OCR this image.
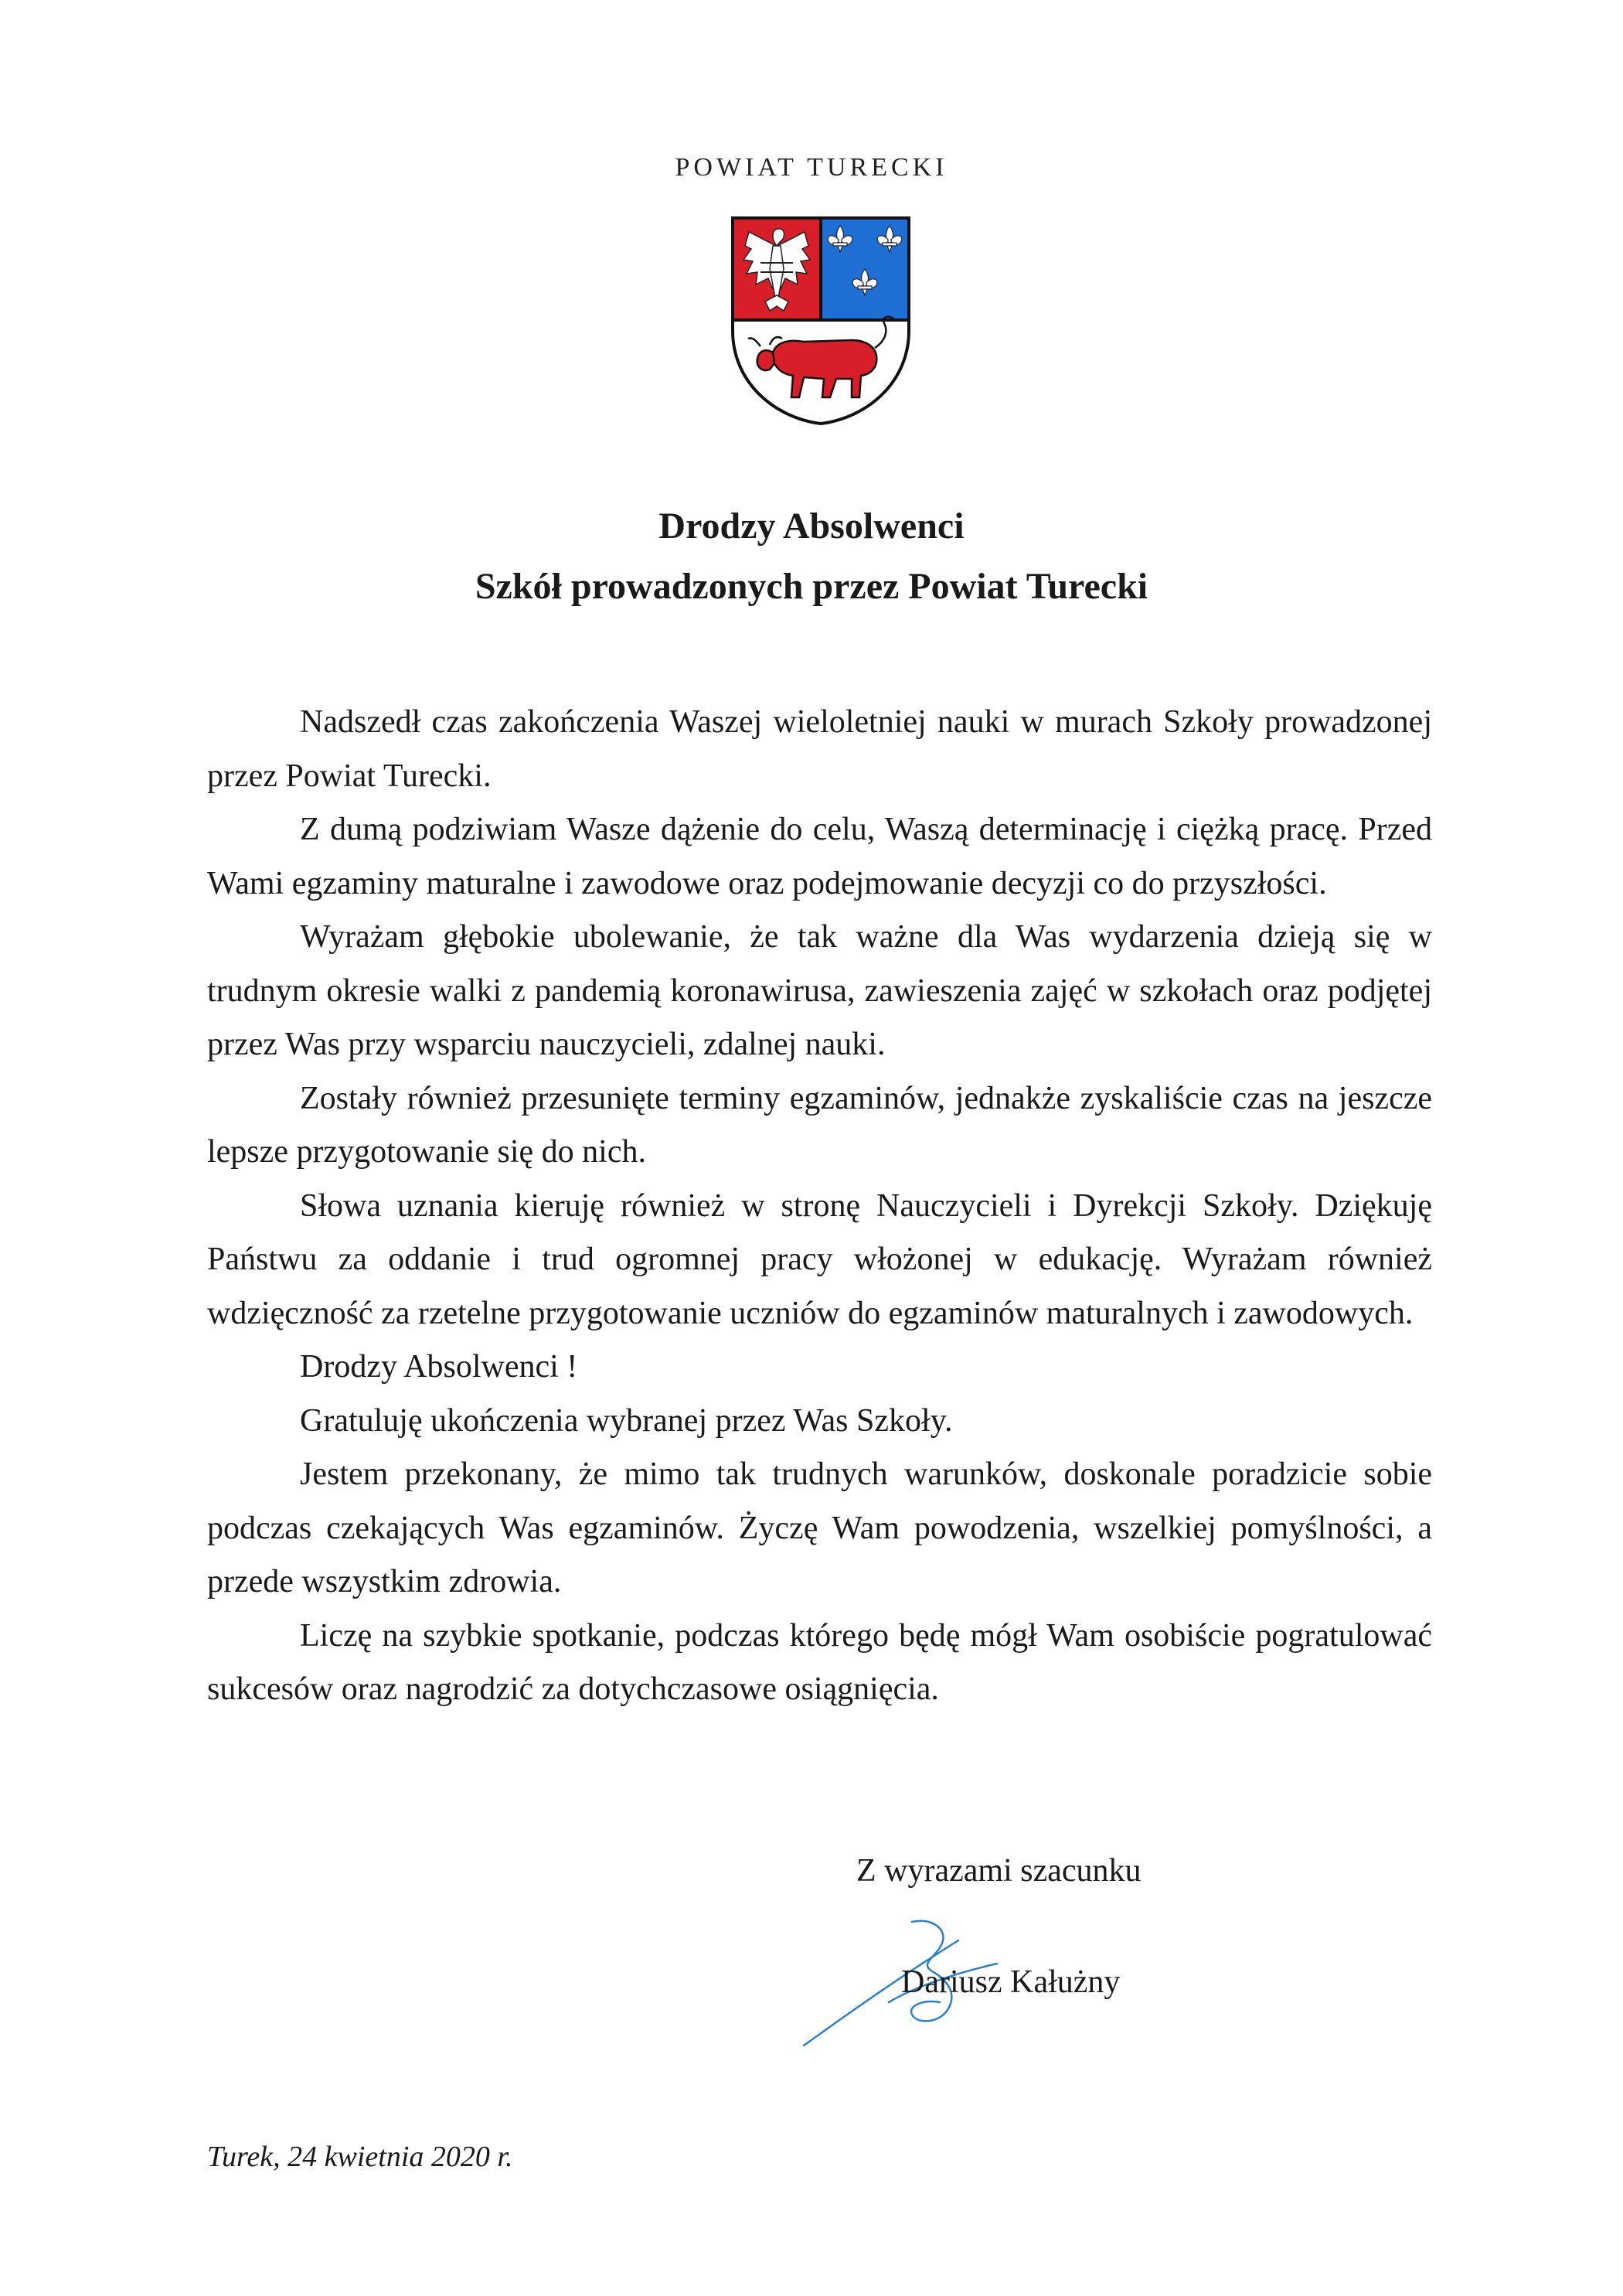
POWIAT TURECKI
Drodzy Absolwenci
Szkół prowadzonych przez Powiat Turecki

Nadszedł czas zakończenia Waszej wieloletniej nauki w murach Szkoły prowadzonej przez Powiat Turecki.

Z dumą podziwiam Wasze dążenie do celu, Waszą determinację i ciężką pracę. Przed Wami egzaminy maturalne i zawodowe oraz podejmowanie decyzji co do przyszłości.

Wyrażam głębokie ubolewanie, że tak ważne dla Was wydarzenia dzieją się w trudnym okresie walki z pandemią koronawirusa, zawieszenia zajęć w szkołach oraz podjętej przez Was przy wsparciu nauczycieli, zdalnej nauki.

Zostały również przesunięte terminy egzaminów, jednakże zyskaliście czas na jeszcze lepsze przygotowanie się do nich.

Słowa uznania kieruję również w stronę Nauczycieli i Dyrekcji Szkoły. Dziękuję Państwu za oddanie i trud ogromnej pracy włożonej w edukację. Wyrażam również wdzięczność za rzetelne przygotowanie uczniów do egzaminów maturalnych i zawodowych.

Drodzy Absolwenci !

Gratuluję ukończenia wybranej przez Was Szkoły.

Jestem przekonany, że mimo tak trudnych warunków, doskonale poradzicie sobie podczas czekających Was egzaminów. Życzę Wam powodzenia, wszelkiej pomyślności, a przede wszystkim zdrowia.

Liczę na szybkie spotkanie, podczas którego będę mógł Wam osobiście pogratulować sukcesów oraz nagrodzić za dotychczasowe osiągnięcia.

Z wyrazami szacunku
Dariusz Kałużny
Turek, 24 kwietnia 2020 r.
